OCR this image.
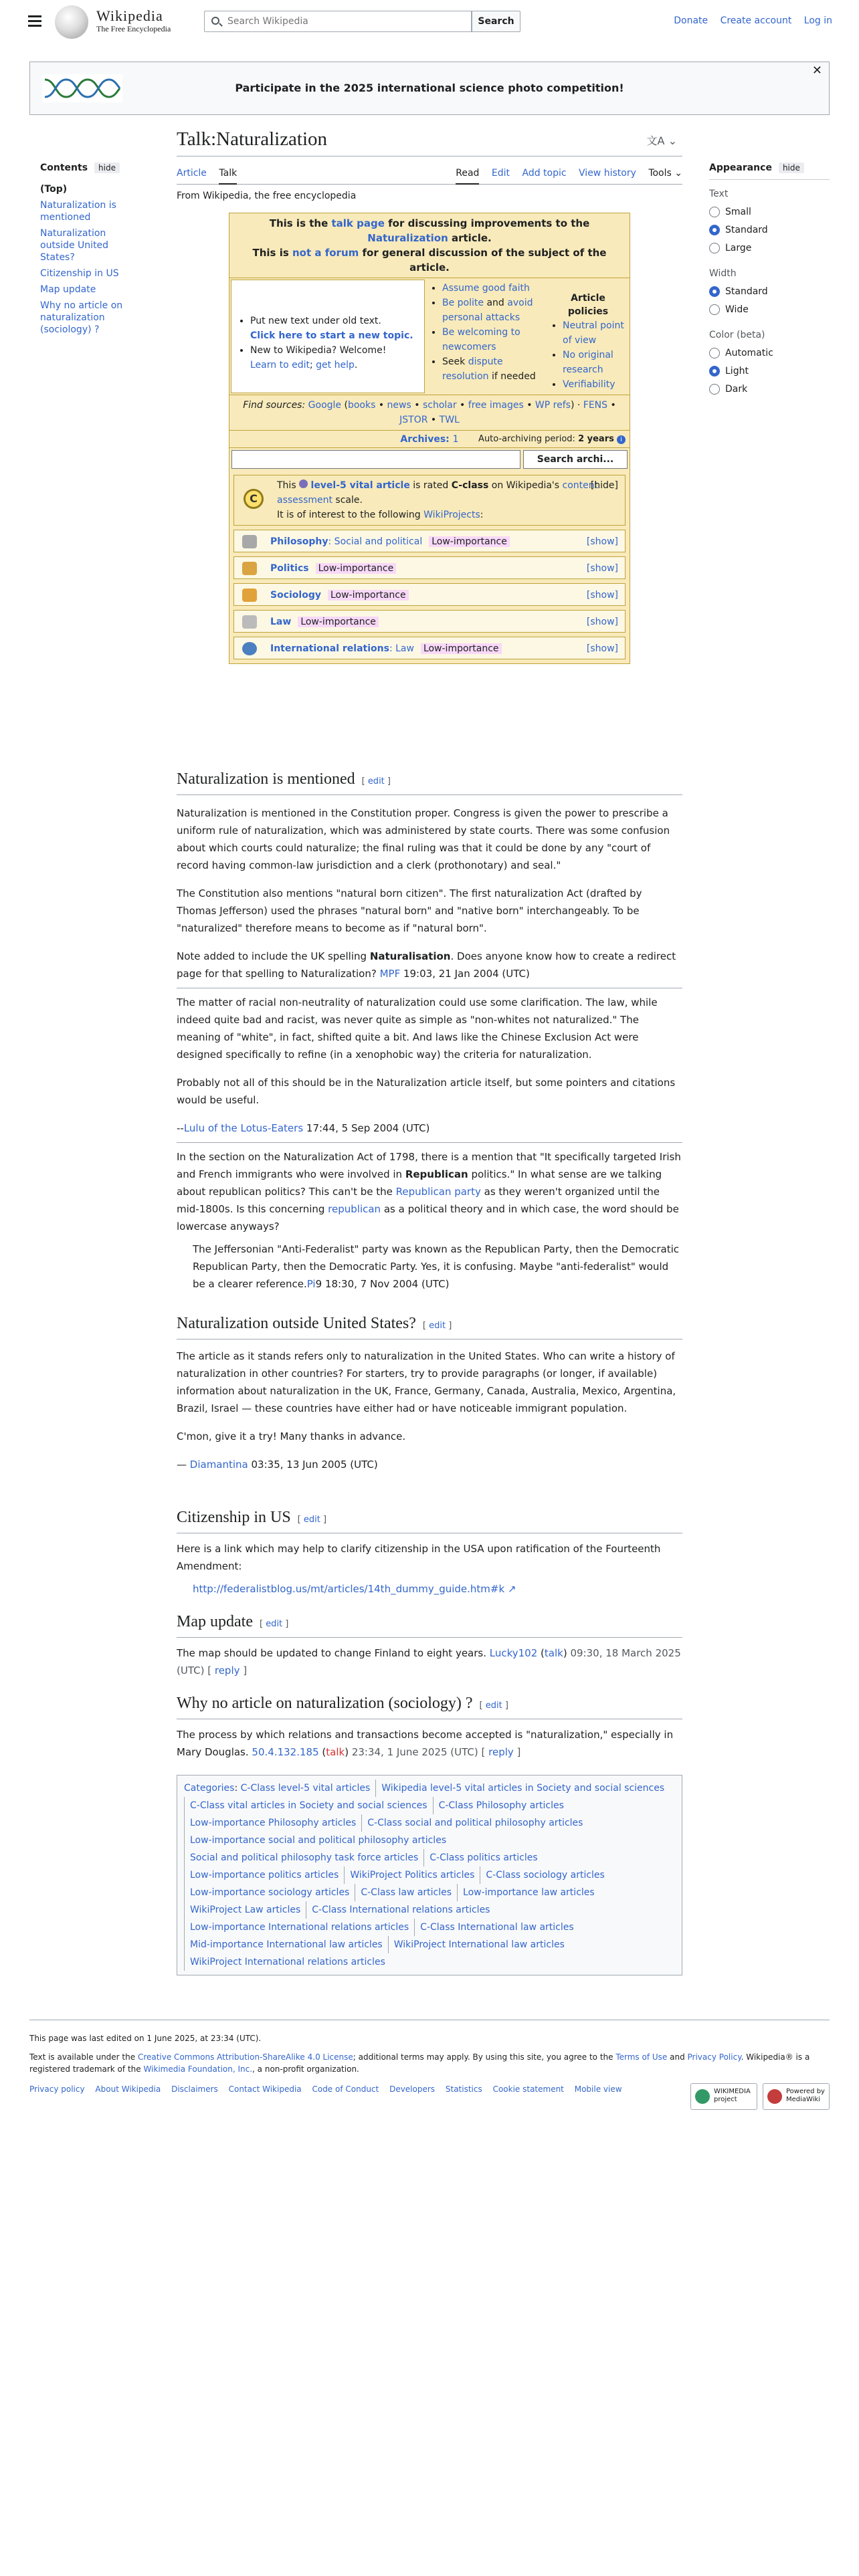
Wikipedia
The Free Encyclopedia
Search Wikipedia
Search	Donate Create account Log in
Participate in the 2025 international science photo competition!
✕
Contents hide
(Top)
Naturalization is mentioned
Naturalization outside United States?
Citizenship in US
Map update
Why no article on naturalization (sociology) ?
Appearance hide
Text
Small
Standard
Large
Width
Standard
Wide
Color (beta)
Automatic
Light
Dark
Talk:Naturalization	文A ⌄
Article Talk	Read Edit Add topic View history Tools ⌄
From Wikipedia, the free encyclopedia
This is the talk page for discussing improvements to the Naturalization article.
This is not a forum for general discussion of the subject of the article.
• Put new text under old text.
Click here to start a new topic.
• New to Wikipedia? Welcome!
Learn to edit; get help.
• Assume good faith
• Be polite and avoid personal attacks
• Be welcoming to newcomers
• Seek dispute resolution if needed
Article policies
• Neutral point of view
• No original research
• Verifiability
Find sources: Google (books • news • scholar • free images • WP refs) · FENS • JSTOR • TWL
Archives: 1	Auto-archiving period: 2 years i
Search archi...
C
[hide]
This level-5 vital article is rated C-class on Wikipedia's content assessment scale.
It is of interest to the following WikiProjects:
Philosophy: Social and political Low‑importance	[show]
Politics Low‑importance	[show]
Sociology Low‑importance	[show]
Law Low‑importance	[show]
International relations: Law Low‑importance	[show]
Naturalization is mentioned [ edit ]

Naturalization is mentioned in the Constitution proper. Congress is given the power to prescribe a uniform rule of naturalization, which was administered by state courts. There was some confusion about which courts could naturalize; the final ruling was that it could be done by any "court of record having common-law jurisdiction and a clerk (prothonotary) and seal."

The Constitution also mentions "natural born citizen". The first naturalization Act (drafted by Thomas Jefferson) used the phrases "natural born" and "native born" interchangeably. To be "naturalized" therefore means to become as if "natural born".

Note added to include the UK spelling Naturalisation. Does anyone know how to create a redirect page for that spelling to Naturalization? MPF 19:03, 21 Jan 2004 (UTC)

The matter of racial non-neutrality of naturalization could use some clarification. The law, while indeed quite bad and racist, was never quite as simple as "non-whites not naturalized." The meaning of "white", in fact, shifted quite a bit. And laws like the Chinese Exclusion Act were designed specifically to refine (in a xenophobic way) the criteria for naturalization.

Probably not all of this should be in the Naturalization article itself, but some pointers and citations would be useful.

--Lulu of the Lotus-Eaters 17:44, 5 Sep 2004 (UTC)

In the section on the Naturalization Act of 1798, there is a mention that "It specifically targeted Irish and French immigrants who were involved in Republican politics." In what sense are we talking about republican politics? This can't be the Republican party as they weren't organized until the mid-1800s. Is this concerning republican as a political theory and in which case, the word should be lowercase anyways?

The Jeffersonian "Anti-Federalist" party was known as the Republican Party, then the Democratic Republican Party, then the Democratic Party. Yes, it is confusing. Maybe "anti-federalist" would be a clearer reference.Pi9 18:30, 7 Nov 2004 (UTC)

Naturalization outside United States? [ edit ]

The article as it stands refers only to naturalization in the United States. Who can write a history of naturalization in other countries? For starters, try to provide paragraphs (or longer, if available) information about naturalization in the UK, France, Germany, Canada, Australia, Mexico, Argentina, Brazil, Israel — these countries have either had or have noticeable immigrant population.

C'mon, give it a try! Many thanks in advance.

— Diamantina 03:35, 13 Jun 2005 (UTC)

Citizenship in US [ edit ]

Here is a link which may help to clarify citizenship in the USA upon ratification of the Fourteenth Amendment:

http://federalistblog.us/mt/articles/14th_dummy_guide.htm#k ↗

Map update [ edit ]

The map should be updated to change Finland to eight years. Lucky102 (talk) 09:30, 18 March 2025 (UTC) [ reply ]

Why no article on naturalization (sociology) ? [ edit ]

The process by which relations and transactions become accepted is "naturalization," especially in Mary Douglas. 50.4.132.185 (talk) 23:34, 1 June 2025 (UTC) [ reply ]

Categories: C-Class level-5 vital articles Wikipedia level-5 vital articles in Society and social sciencesC-Class vital articles in Society and social sciences C-Class Philosophy articlesLow-importance Philosophy articles C-Class social and political philosophy articlesLow-importance social and political philosophy articlesSocial and political philosophy task force articles C-Class politics articlesLow-importance politics articles WikiProject Politics articles C-Class sociology articlesLow-importance sociology articles C-Class law articles Low-importance law articlesWikiProject Law articles C-Class International relations articlesLow-importance International relations articles C-Class International law articlesMid-importance International law articles WikiProject International law articlesWikiProject International relations articles
This page was last edited on 1 June 2025, at 23:34 (UTC).
Text is available under the Creative Commons Attribution-ShareAlike 4.0 License; additional terms may apply. By using this site, you agree to the Terms of Use and Privacy Policy. Wikipedia® is a registered trademark of the Wikimedia Foundation, Inc., a non-profit organization.
Privacy policy About Wikipedia Disclaimers Contact Wikipedia Code of Conduct Developers Statistics Cookie statement Mobile view	WIKIMEDIA project
Powered by MediaWiki
